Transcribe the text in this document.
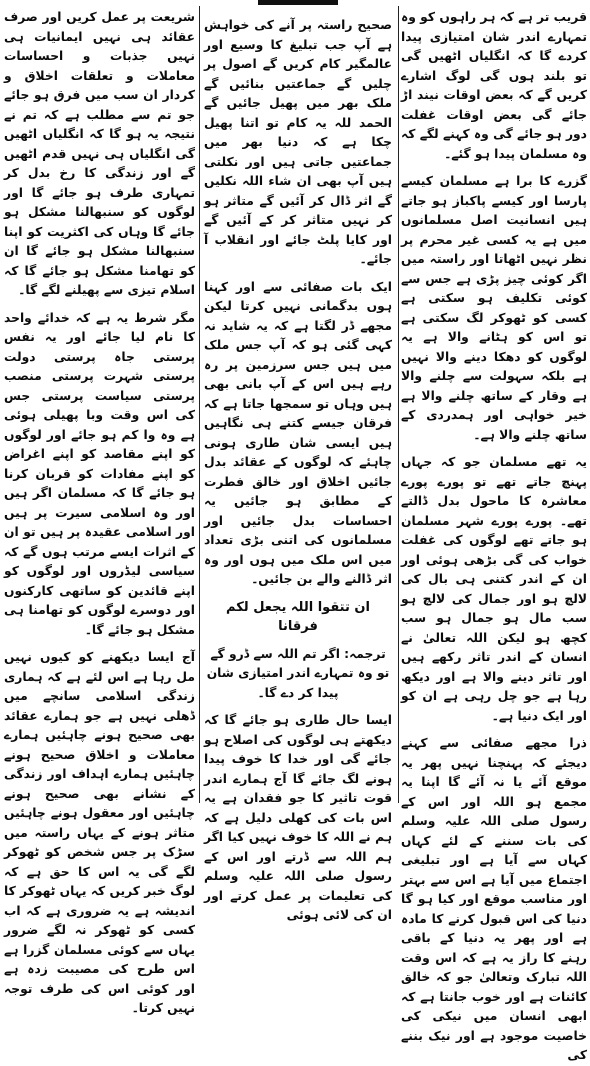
قریب تر ہے کہ ہر راہوں کو وہ تمہارے اندر شان امتیازی پیدا کردے گا کہ انگلیاں اٹھیں گی تو بلند ہوں گی لوگ اشارے کریں گے کہ بعض اوقات نیند اڑ جائے گی بعض اوقات غفلت دور ہو جائے گی وہ کہنے لگے کہ وہ مسلمان پیدا ہو گئے۔

گزرے کا برا ہے مسلمان کیسے پارسا اور کیسے پاکباز ہو جاتے ہیں انسانیت اصل مسلمانوں میں ہے یہ کسی غیر محرم پر نظر نہیں اٹھاتا اور راستہ میں اگر کوئی چیز پڑی ہے جس سے کوئی تکلیف ہو سکتی ہے کسی کو ٹھوکر لگ سکتی ہے تو اس کو ہٹانے والا ہے یہ لوگوں کو دھکا دینے والا نہیں ہے بلکہ سہولت سے چلنے والا ہے وقار کے ساتھ چلنے والا ہے خیر خواہی اور ہمدردی کے ساتھ چلنے والا ہے۔

یہ تھے مسلمان جو کہ جہاں پہنچ جاتے تھے تو پورے پورے معاشرہ کا ماحول بدل ڈالتے تھے۔ پورے پورے شہر مسلمان ہو جاتے تھے لوگوں کی غفلت خواب کی گی بڑھی ہوئی اور ان کے اندر کتنی ہی بال کی لالچ ہو اور جمال کی لالچ ہو سب مال ہو جمال ہو سب کچھ ہو لیکن اللہ تعالیٰ نے انسان کے اندر تاثر رکھے ہیں اور تاثر دینے والا ہے اور دیکھ رہا ہے جو چل رہی ہے ان کو اور ایک دنیا ہے۔

ذرا مجھے صفائی سے کہنے دیجئے کہ پہنچنا نہیں پھر یہ موقع آئے یا نہ آئے گا اپنا یہ مجمع ہو اللہ اور اس کے رسول صلی اللہ علیہ وسلم کی بات سننے کے لئے کہاں کہاں سے آیا ہے اور تبلیغی اجتماع میں آیا ہے اس سے بہتر اور مناسب موقع اور کیا ہو گا دنیا کی اس قبول کرنے کا مادہ ہے اور پھر یہ دنیا کے باقی رہنے کا راز یہ ہے کہ اس وقت اللہ تبارک وتعالیٰ جو کہ خالق کائنات ہے اور خوب جانتا ہے کہ ابھی انسان میں نیکی کی خاصیت موجود ہے اور نیک بننے کی

صحیح راستہ پر آنے کی خواہش ہے آپ جب تبلیغ کا وسیع اور عالمگیر کام کریں گے اصول پر چلیں گے جماعتیں بنائیں گے ملک بھر میں پھیل جائیں گے الحمد للہ یہ کام تو اتنا پھیل چکا ہے کہ دنیا بھر میں جماعتیں جاتی ہیں اور نکلتی ہیں آپ بھی ان شاء اللہ نکلیں گے اثر ڈال کر آئیں گے متاثر ہو کر نہیں متاثر کر کے آئیں گے اور کایا پلٹ جائے اور انقلاب آ جائے۔

ایک بات صفائی سے اور کہنا ہوں بدگمانی نہیں کرتا لیکن مجھے ڈر لگتا ہے کہ یہ شاید نہ کہی گئی ہو کہ آپ جس ملک میں ہیں جس سرزمین پر رہ رہے ہیں اس کے آپ بانی بھی ہیں وہاں تو سمجھا جاتا ہے کہ فرقان جیسے کتنے ہی نگاہیں ہیں ایسی شان طاری ہونی چاہئے کہ لوگوں کے عقائد بدل جائیں اخلاق اور خالق فطرت کے مطابق ہو جائیں یہ احساسات بدل جائیں اور مسلمانوں کی اتنی بڑی تعداد میں اس ملک میں ہوں اور وہ اثر ڈالنے والے بن جائیں۔

ان تتقوا اللہ یجعل لکم فرقانا

ترجمہ: اگر تم اللہ سے ڈرو گے تو وہ تمہارے اندر امتیازی شان پیدا کر دے گا۔

ایسا حال طاری ہو جائے گا کہ دیکھتے ہی لوگوں کی اصلاح ہو جائے گی اور خدا کا خوف پیدا ہونے لگ جائے گا آج ہمارے اندر قوت تاثیر کا جو فقدان ہے یہ اس بات کی کھلی دلیل ہے کہ ہم نے اللہ کا خوف نہیں کیا اگر ہم اللہ سے ڈرتے اور اس کے رسول صلی اللہ علیہ وسلم کی تعلیمات پر عمل کرتے اور ان کی لائی ہوئی

شریعت پر عمل کریں اور صرف عقائد ہی نہیں ایمانیات ہی نہیں جذبات و احساسات معاملات و تعلقات اخلاق و کردار ان سب میں فرق ہو جائے جو تم سے مطلب ہے کہ تم نے نتیجہ یہ ہو گا کہ انگلیاں اٹھیں گی انگلیاں ہی نہیں قدم اٹھیں گے اور زندگی کا رخ بدل کر تمہاری طرف ہو جائے گا اور لوگوں کو سنبھالنا مشکل ہو جائے گا وہاں کی اکثریت کو اپنا سنبھالنا مشکل ہو جائے گا ان کو تھامنا مشکل ہو جائے گا کہ اسلام تیزی سے پھیلنے لگے گا۔

مگر شرط یہ ہے کہ خدائے واحد کا نام لیا جائے اور یہ نفس پرستی جاہ پرستی دولت پرستی شہرت پرستی منصب پرستی سیاست پرستی جس کی اس وقت وبا پھیلی ہوئی ہے وہ وا کم ہو جائے اور لوگوں کو اپنے مقاصد کو اپنے اغراض کو اپنے مفادات کو قربان کرنا ہو جائے گا کہ مسلمان اگر ہیں اور وہ اسلامی سیرت پر ہیں اور اسلامی عقیدہ پر ہیں تو ان کے اثرات ایسے مرتب ہوں گے کہ سیاسی لیڈروں اور لوگوں کو اپنے قائدین کو ساتھی کارکنوں اور دوسرے لوگوں کو تھامنا ہی مشکل ہو جائے گا۔

آج ایسا دیکھنے کو کیوں نہیں مل رہا ہے اس لئے ہے کہ ہماری زندگی اسلامی سانچے میں ڈھلی نہیں ہے جو ہمارے عقائد بھی صحیح ہونے چاہئیں ہمارے معاملات و اخلاق صحیح ہونے چاہئیں ہمارے اہداف اور زندگی کے نشانے بھی صحیح ہونے چاہئیں اور معقول ہونے چاہئیں متاثر ہونے کے یہاں راستہ میں سڑک پر جس شخص کو ٹھوکر لگے گی یہ اس کا حق ہے کہ لوگ خبر کریں کہ یہاں ٹھوکر کا اندیشہ ہے یہ ضروری ہے کہ اب کسی کو ٹھوکر نہ لگے ضرور یہاں سے کوئی مسلمان گزرا ہے اس طرح کی مصیبت زدہ ہے اور کوئی اس کی طرف توجہ نہیں کرتا۔
